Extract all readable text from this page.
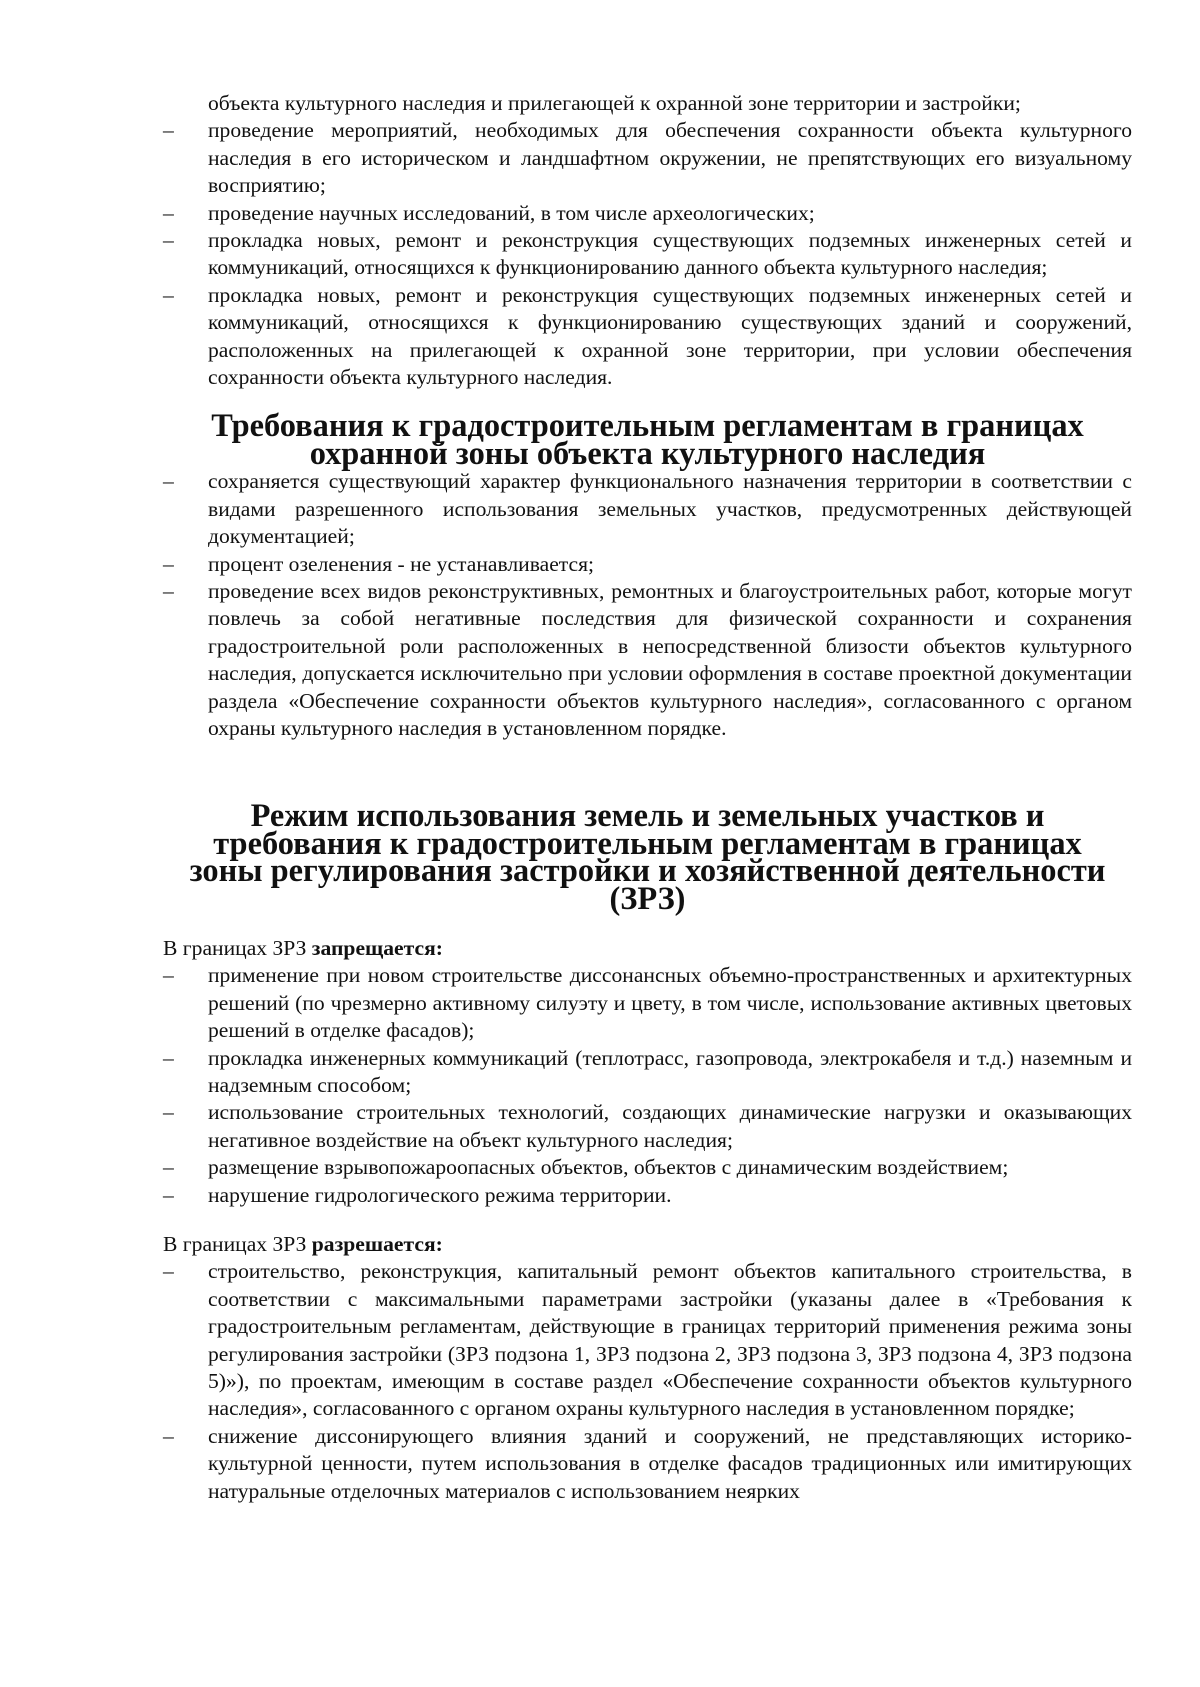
объекта культурного наследия и прилегающей к охранной зоне территории и застройки;

– проведение мероприятий, необходимых для обеспечения сохранности объекта культурного наследия в его историческом и ландшафтном окружении, не препятствующих его визуальному восприятию;
– проведение научных исследований, в том числе археологических;
– прокладка новых, ремонт и реконструкция существующих подземных инженерных сетей и коммуникаций, относящихся к функционированию данного объекта культурного наследия;
– прокладка новых, ремонт и реконструкция существующих подземных инженерных сетей и коммуникаций, относящихся к функционированию существующих зданий и сооружений, расположенных на прилегающей к охранной зоне территории, при условии обеспечения сохранности объекта культурного наследия.
Требования к градостроительным регламентам в границах охранной зоны объекта культурного наследия
– сохраняется существующий характер функционального назначения территории в соответствии с видами разрешенного использования земельных участков, предусмотренных действующей документацией;
– процент озеленения - не устанавливается;
– проведение всех видов реконструктивных, ремонтных и благоустроительных работ, которые могут повлечь за собой негативные последствия для физической сохранности и сохранения градостроительной роли расположенных в непосредственной близости объектов культурного наследия, допускается исключительно при условии оформления в составе проектной документации раздела «Обеспечение сохранности объектов культурного наследия», согласованного с органом охраны культурного наследия в установленном порядке.
Режим использования земель и земельных участков и требования к градостроительным регламентам в границах зоны регулирования застройки и хозяйственной деятельности (ЗРЗ)

В границах ЗРЗ запрещается:

– применение при новом строительстве диссонансных объемно-пространственных и архитектурных решений (по чрезмерно активному силуэту и цвету, в том числе, использование активных цветовых решений в отделке фасадов);
– прокладка инженерных коммуникаций (теплотрасс, газопровода, электрокабеля и т.д.) наземным и надземным способом;
– использование строительных технологий, создающих динамические нагрузки и оказывающих негативное воздействие на объект культурного наследия;
– размещение взрывопожароопасных объектов, объектов с динамическим воздействием;
– нарушение гидрологического режима территории.

В границах ЗРЗ разрешается:

– строительство, реконструкция, капитальный ремонт объектов капитального строительства, в соответствии с максимальными параметрами застройки (указаны далее в «Требования к градостроительным регламентам, действующие в границах территорий применения режима зоны регулирования застройки (ЗРЗ подзона 1, ЗРЗ подзона 2, ЗРЗ подзона 3, ЗРЗ подзона 4, ЗРЗ подзона 5)»), по проектам, имеющим в составе раздел «Обеспечение сохранности объектов культурного наследия», согласованного с органом охраны культурного наследия в установленном порядке;
– снижение диссонирующего влияния зданий и сооружений, не представляющих историко-культурной ценности, путем использования в отделке фасадов традиционных или имитирующих натуральные отделочных материалов с использованием неярких
